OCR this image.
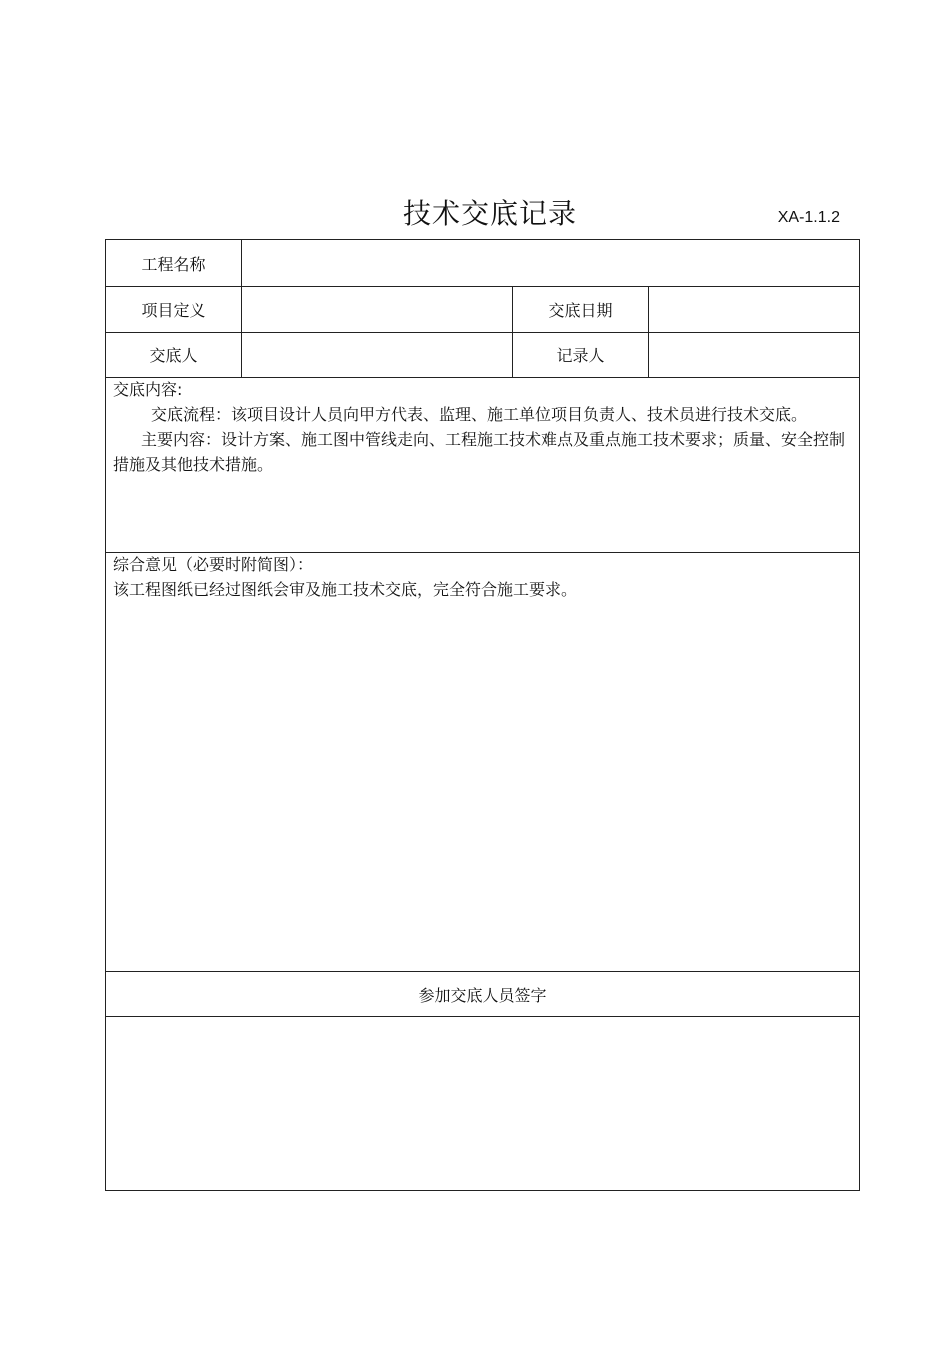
技术交底记录	XA-1.1.2
工程名称
项目定义	交底日期
交底人	记录人

交底内容:

交底流程：该项目设计人员向甲方代表、监理、施工单位项目负责人、技术员进行技术交底。

主要内容：设计方案、施工图中管线走向、工程施工技术难点及重点施工技术要求；质量、安全控制措施及其他技术措施。

综合意见（必要时附简图）：

该工程图纸已经过图纸会审及施工技术交底，完全符合施工要求。

参加交底人员签字
